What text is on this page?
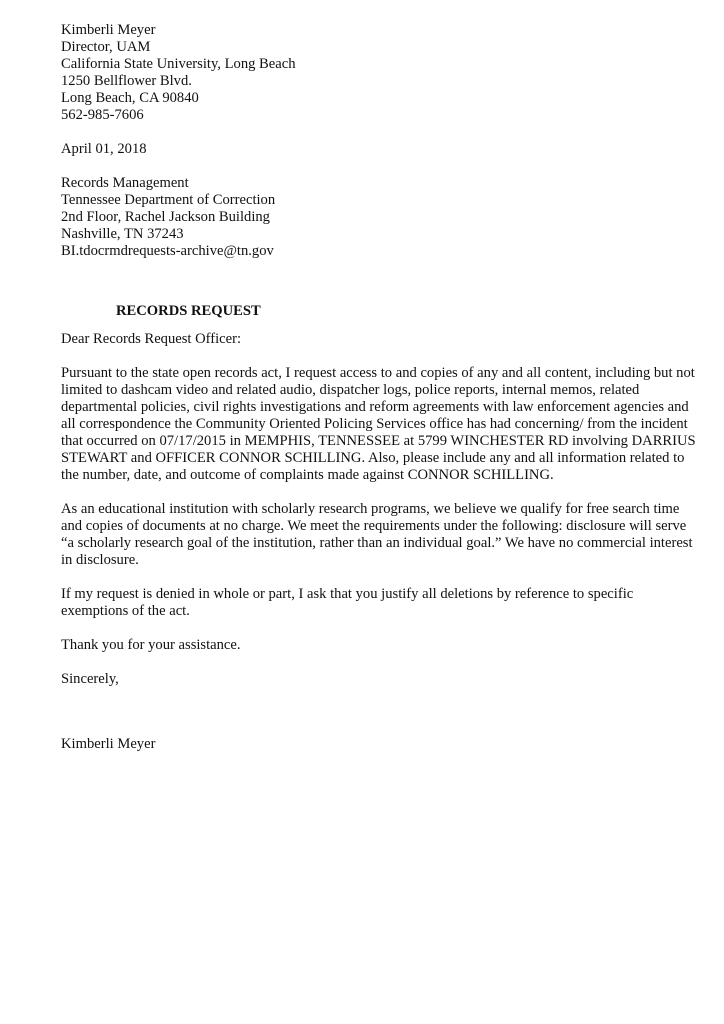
Kimberli Meyer
Director, UAM
California State University, Long Beach
1250 Bellflower Blvd.
Long Beach, CA 90840
562-985-7606
April 01, 2018
Records Management
Tennessee Department of Correction
2nd Floor, Rachel Jackson Building
Nashville, TN 37243
BI.tdocrmdrequests-archive@tn.gov
RECORDS REQUEST
Dear Records Request Officer:
Pursuant to the state open records act, I request access to and copies of any and all content, including but not
limited to dashcam video and related audio, dispatcher logs, police reports, internal memos, related
departmental policies, civil rights investigations and reform agreements with law enforcement agencies and
all correspondence the Community Oriented Policing Services office has had concerning/ from the incident
that occurred on 07/17/2015 in MEMPHIS, TENNESSEE at 5799 WINCHESTER RD involving DARRIUS
STEWART and OFFICER CONNOR SCHILLING. Also, please include any and all information related to
the number, date, and outcome of complaints made against CONNOR SCHILLING.
As an educational institution with scholarly research programs, we believe we qualify for free search time
and copies of documents at no charge. We meet the requirements under the following: disclosure will serve
“a scholarly research goal of the institution, rather than an individual goal.” We have no commercial interest
in disclosure.
If my request is denied in whole or part, I ask that you justify all deletions by reference to specific
exemptions of the act.
Thank you for your assistance.
Sincerely,
Kimberli Meyer
